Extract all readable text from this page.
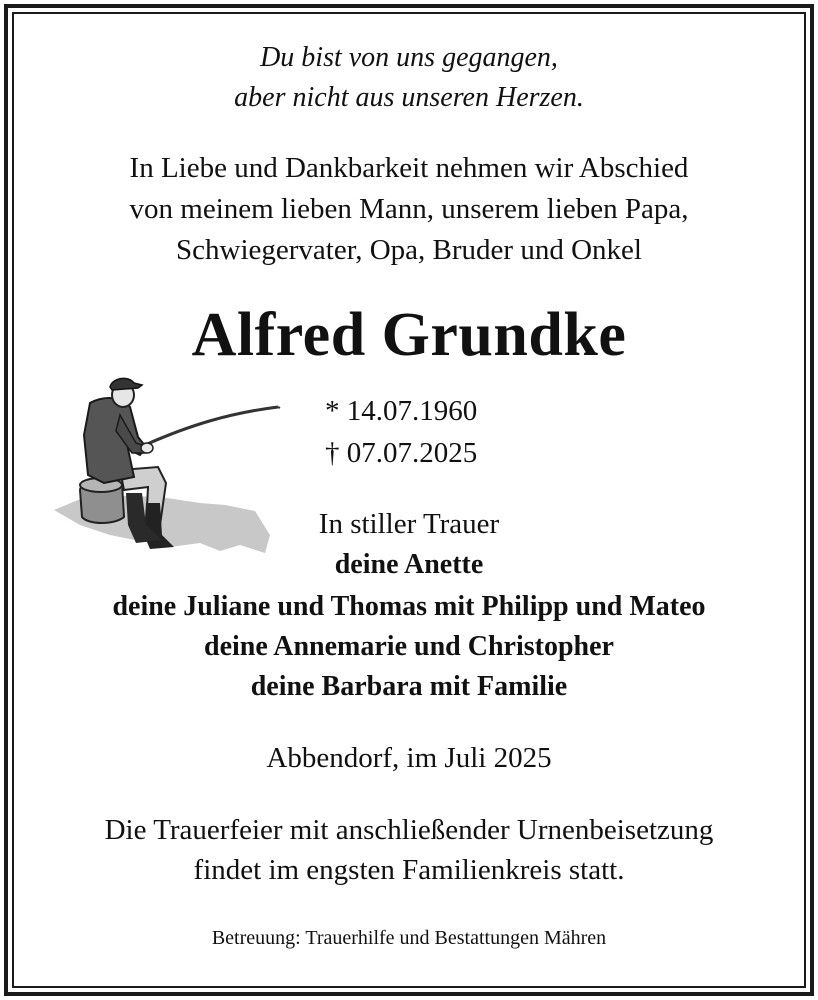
Du bist von uns gegangen,
aber nicht aus unseren Herzen.
In Liebe und Dankbarkeit nehmen wir Abschied
von meinem lieben Mann, unserem lieben Papa,
Schwiegervater, Opa, Bruder und Onkel
Alfred Grundke
* 14.07.1960
† 07.07.2025
In stiller Trauer
deine Anette
deine Juliane und Thomas mit Philipp und Mateo
deine Annemarie und Christopher
deine Barbara mit Familie
Abbendorf, im Juli 2025
Die Trauerfeier mit anschließender Urnenbeisetzung
findet im engsten Familienkreis statt.
Betreuung: Trauerhilfe und Bestattungen Mähren
